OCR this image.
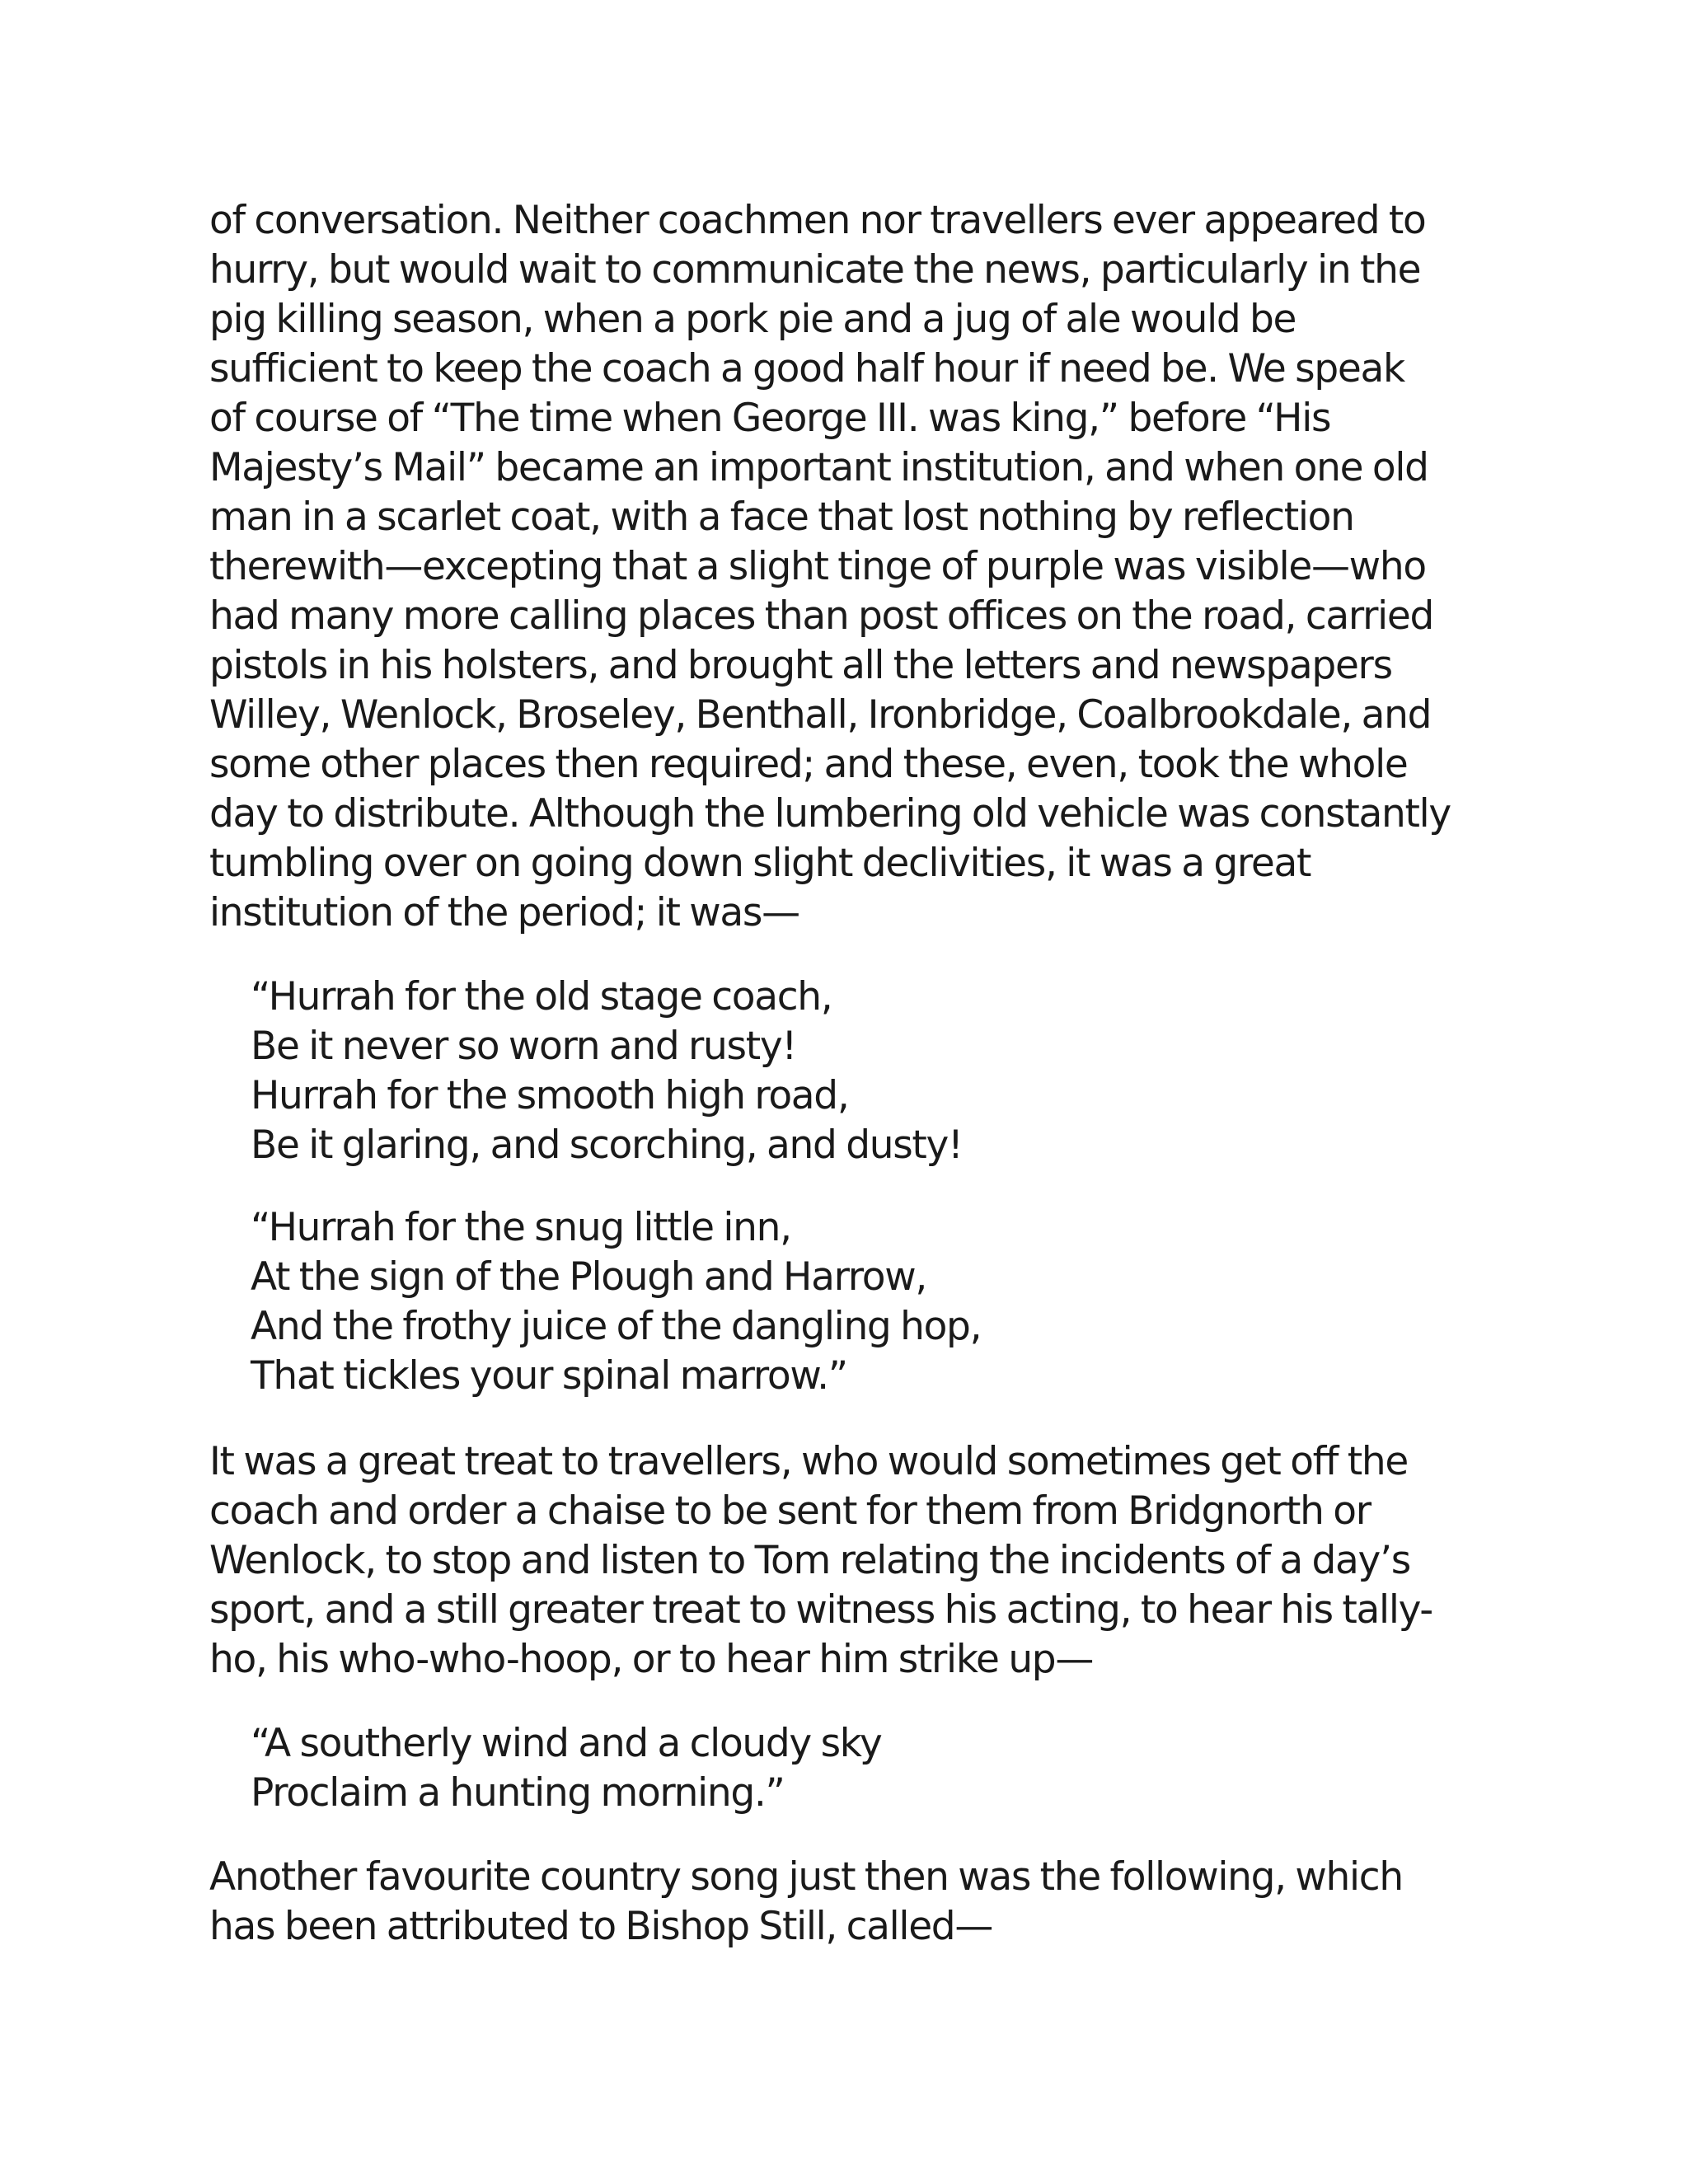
of conversation. Neither coachmen nor travellers ever appeared to
hurry, but would wait to communicate the news, particularly in the
pig killing season, when a pork pie and a jug of ale would be
sufficient to keep the coach a good half hour if need be. We speak
of course of “The time when George III. was king,” before “His
Majesty’s Mail” became an important institution, and when one old
man in a scarlet coat, with a face that lost nothing by reflection
therewith—excepting that a slight tinge of purple was visible—who
had many more calling places than post offices on the road, carried
pistols in his holsters, and brought all the letters and newspapers
Willey, Wenlock, Broseley, Benthall, Ironbridge, Coalbrookdale, and
some other places then required; and these, even, took the whole
day to distribute. Although the lumbering old vehicle was constantly
tumbling over on going down slight declivities, it was a great
institution of the period; it was—
“Hurrah for the old stage coach,
Be it never so worn and rusty!
Hurrah for the smooth high road,
Be it glaring, and scorching, and dusty!
“Hurrah for the snug little inn,
At the sign of the Plough and Harrow,
And the frothy juice of the dangling hop,
That tickles your spinal marrow.”
It was a great treat to travellers, who would sometimes get off the
coach and order a chaise to be sent for them from Bridgnorth or
Wenlock, to stop and listen to Tom relating the incidents of a day’s
sport, and a still greater treat to witness his acting, to hear his tally-
ho, his who-who-hoop, or to hear him strike up—
“A southerly wind and a cloudy sky
Proclaim a hunting morning.”
Another favourite country song just then was the following, which
has been attributed to Bishop Still, called—
